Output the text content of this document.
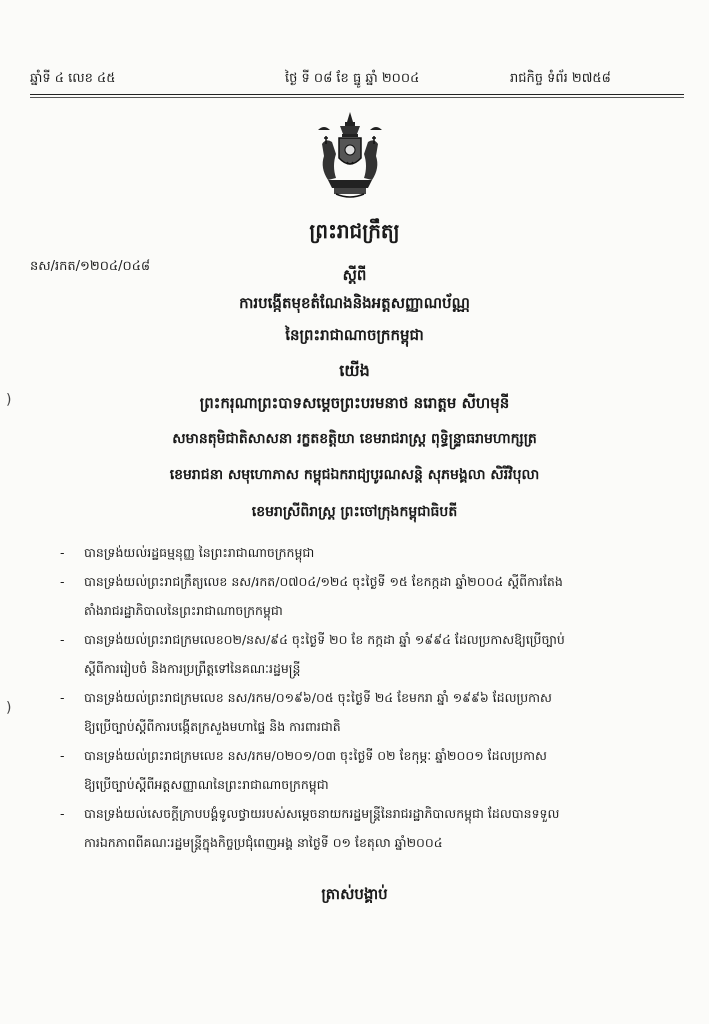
ឆ្នាំទី ៤ លេខ ៤៥	ថ្ងៃ ទី ០៨ ខែ ធ្នូ ឆ្នាំ ២០០៤	រាជកិច្ច ទំព័រ ២៧៥៨
ព្រះរាជក្រឹត្យ
នស/រកត/១២០៤/០៤៨	ស្តីពី
ការបង្កើតមុខតំណែងនិងអត្តសញ្ញាណប័ណ្ណ
នៃព្រះរាជាណាចក្រកម្ពុជា
យើង
ព្រះករុណាព្រះបាទសម្តេចព្រះបរមនាថ នរោត្តម សីហមុនី
សមានតុមិជាតិសាសនា រក្ខតខត្តិយា ខេមរាជរាស្ត្រ ពុទ្ធិន្ទ្រាធរាមហាក្សត្រ
ខេមរាជនា សមុហោភាស កម្ពុជឯករាជ្យបូរណសន្តិ សុភមង្គលា សិរីវិបុលា
ខេមរាស្រីពិរាស្ត្រ ព្រះចៅក្រុងកម្ពុជាធិបតី
- បានទ្រង់យល់រដ្ឋធម្មនុញ្ញ នៃព្រះរាជាណាចក្រកម្ពុជា
- បានទ្រង់យល់ព្រះរាជក្រឹត្យលេខ នស/រកត/០៧០៤/១២៤ ចុះថ្ងៃទី ១៥ ខែកក្កដា ឆ្នាំ២០០៤ ស្តីពីការតែង
តាំងរាជរដ្ឋាភិបាលនៃព្រះរាជាណាចក្រកម្ពុជា
- បានទ្រង់យល់ព្រះរាជក្រមលេខ០២/នស/៩៤ ចុះថ្ងៃទី ២០ ខែ កក្កដា ឆ្នាំ ១៩៩៤ ដែលប្រកាសឱ្យប្រើច្បាប់
ស្តីពីការរៀបចំ និងការប្រព្រឹត្តទៅនៃគណៈរដ្ឋមន្ត្រី
- បានទ្រង់យល់ព្រះរាជក្រមលេខ នស/រកម/០១៩៦/០៥ ចុះថ្ងៃទី ២៤ ខែមករា ឆ្នាំ ១៩៩៦ ដែលប្រកាស
ឱ្យប្រើច្បាប់ស្តីពីការបង្កើតក្រសួងមហាផ្ទៃ និង ការពារជាតិ
- បានទ្រង់យល់ព្រះរាជក្រមលេខ នស/រកម/០២០១/០៣ ចុះថ្ងៃទី ០២ ខែកុម្ភៈ ឆ្នាំ២០០១ ដែលប្រកាស
ឱ្យប្រើច្បាប់ស្តីពីអត្តសញ្ញាណនៃព្រះរាជាណាចក្រកម្ពុជា
- បានទ្រង់យល់សេចក្តីក្រាបបង្គំទូលថ្វាយរបស់សម្តេចនាយករដ្ឋមន្ត្រីនៃរាជរដ្ឋាភិបាលកម្ពុជា ដែលបានទទួល
ការឯកភាពពីគណៈរដ្ឋមន្ត្រីក្នុងកិច្ចប្រជុំពេញអង្គ នាថ្ងៃទី ០១ ខែតុលា ឆ្នាំ២០០៤
ត្រាស់បង្គាប់
)
)
